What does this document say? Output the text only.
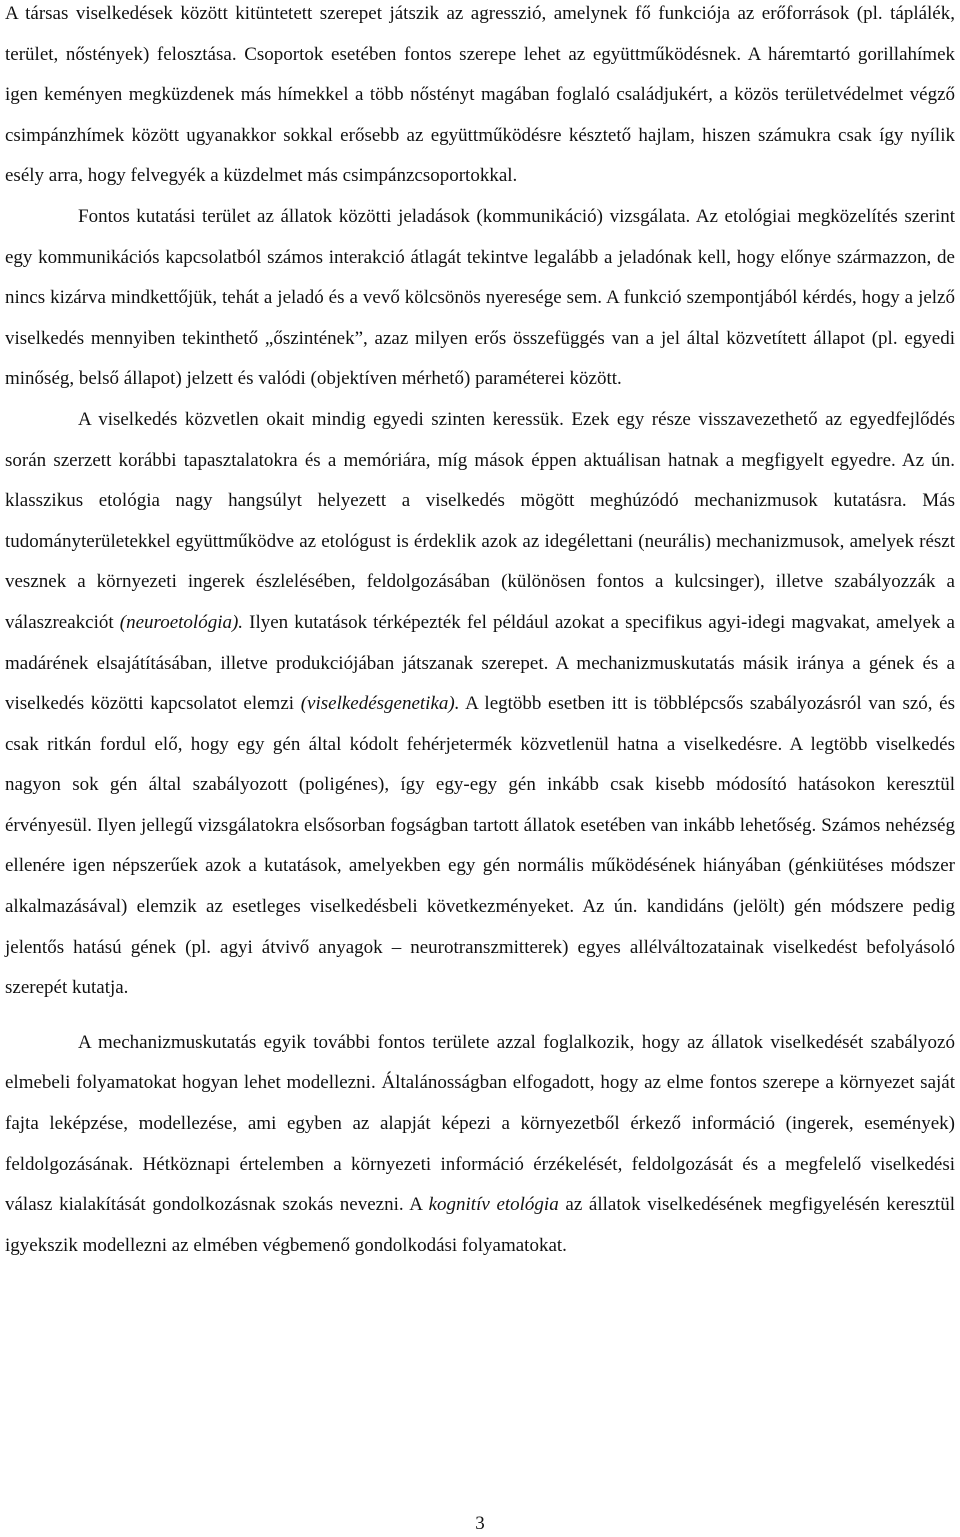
A társas viselkedések között kitüntetett szerepet játszik az agresszió, amelynek fő funkciója az erőforrások (pl. táplálék, terület, nőstények) felosztása. Csoportok esetében fontos szerepe lehet az együttműködésnek. A háremtartó gorillahímek igen keményen megküzdenek más hímekkel a több nőstényt magában foglaló családjukért, a közös területvédelmet végző csimpánzhímek között ugyanakkor sokkal erősebb az együttműködésre késztető hajlam, hiszen számukra csak így nyílik esély arra, hogy felvegyék a küzdelmet más csimpánzcsoportokkal.

Fontos kutatási terület az állatok közötti jeladások (kommunikáció) vizsgálata. Az etológiai megközelítés szerint egy kommunikációs kapcsolatból számos interakció átlagát tekintve legalább a jeladónak kell, hogy előnye származzon, de nincs kizárva mindkettőjük, tehát a jeladó és a vevő kölcsönös nyeresége sem. A funkció szempontjából kérdés, hogy a jelző viselkedés mennyiben tekinthető „őszintének”, azaz milyen erős összefüggés van a jel által közvetített állapot (pl. egyedi minőség, belső állapot) jelzett és valódi (objektíven mérhető) paraméterei között.

A viselkedés közvetlen okait mindig egyedi szinten keressük. Ezek egy része visszavezethető az egyedfejlődés során szerzett korábbi tapasztalatokra és a memóriára, míg mások éppen aktuálisan hatnak a megfigyelt egyedre. Az ún. klasszikus etológia nagy hangsúlyt helyezett a viselkedés mögött meghúzódó mechanizmusok kutatásra. Más tudományterületekkel együttműködve az etológust is érdeklik azok az idegélettani (neurális) mechanizmusok, amelyek részt vesznek a környezeti ingerek észlelésében, feldolgozásában (különösen fontos a kulcsinger), illetve szabályozzák a válaszreakciót (neuroetológia). Ilyen kutatások térképezték fel például azokat a specifikus agyi-idegi magvakat, amelyek a madárének elsajátításában, illetve produkciójában játszanak szerepet. A mechanizmuskutatás másik iránya a gének és a viselkedés közötti kapcsolatot elemzi (viselkedésgenetika). A legtöbb esetben itt is többlépcsős szabályozásról van szó, és csak ritkán fordul elő, hogy egy gén által kódolt fehérjetermék közvetlenül hatna a viselkedésre. A legtöbb viselkedés nagyon sok gén által szabályozott (poligénes), így egy-egy gén inkább csak kisebb módosító hatásokon keresztül érvényesül. Ilyen jellegű vizsgálatokra elsősorban fogságban tartott állatok esetében van inkább lehetőség. Számos nehézség ellenére igen népszerűek azok a kutatások, amelyekben egy gén normális működésének hiányában (génkiütéses módszer alkalmazásával) elemzik az esetleges viselkedésbeli következményeket. Az ún. kandidáns (jelölt) gén módszere pedig jelentős hatású gének (pl. agyi átvivő anyagok – neurotranszmitterek) egyes allélváltozatainak viselkedést befolyásoló szerepét kutatja.

A mechanizmuskutatás egyik további fontos területe azzal foglalkozik, hogy az állatok viselkedését szabályozó elmebeli folyamatokat hogyan lehet modellezni. Általánosságban elfogadott, hogy az elme fontos szerepe a környezet saját fajta leképzése, modellezése, ami egyben az alapját képezi a környezetből érkező információ (ingerek, események) feldolgozásának. Hétköznapi értelemben a környezeti információ érzékelését, feldolgozását és a megfelelő viselkedési válasz kialakítását gondolkozásnak szokás nevezni. A kognitív etológia az állatok viselkedésének megfigyelésén keresztül igyekszik modellezni az elmében végbemenő gondolkodási folyamatokat.

3
